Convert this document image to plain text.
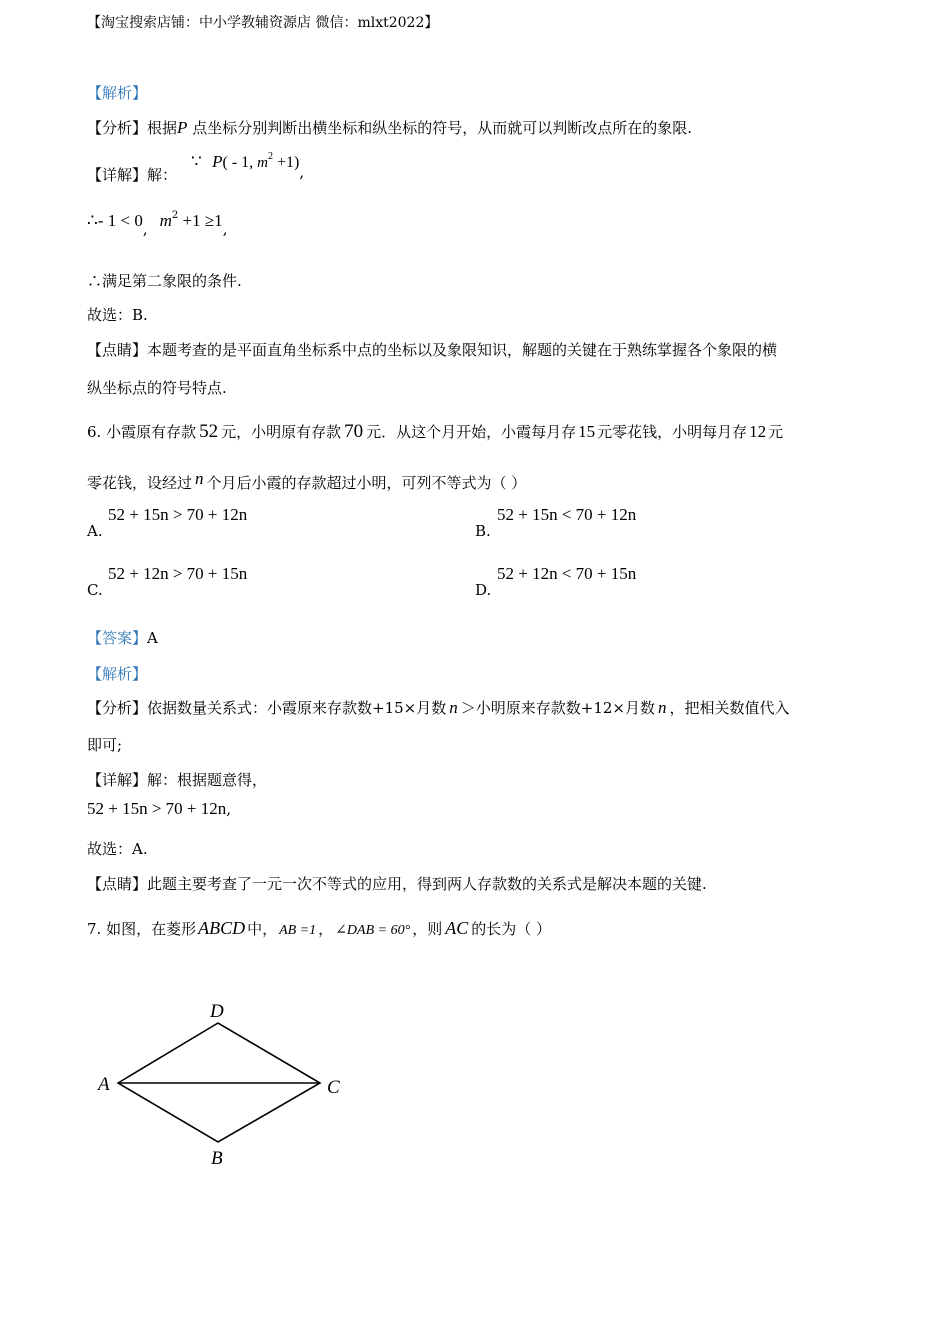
【淘宝搜索店铺：中小学教辅资源店 微信：mlxt2022】
【解析】
【分析】根据P 点坐标分别判断出横坐标和纵坐标的符号，从而就可以判断改点所在的象限.
【详解】解：∵ P( - 1, $m^2 +1$),
∴- 1 < 0, $m^2 +1 \ge 1$,
∴满足第二象限的条件.
故选：B.
【点睛】本题考查的是平面直角坐标系中点的坐标以及象限知识，解题的关键在于熟练掌握各个象限的横
纵坐标点的符号特点.
6. 小霞原有存款 52 元，小明原有存款 70 元．从这个月开始，小霞每月存 15 元零花钱，小明每月存 12 元
零花钱，设经过 n 个月后小霞的存款超过小明，可列不等式为（ ）
A.
52 + 15n > 70 + 12n
B.
52 + 15n < 70 + 12n
C.
52 + 12n > 70 + 15n
D.
52 + 12n < 70 + 15n
【答案】A
【解析】
【分析】依据数量关系式：小霞原来存款数+15×月数 n ＞小明原来存款数+12×月数 n ，把相关数值代入
即可;
【详解】解：根据题意得，
52 + 15n > 70 + 12n,
故选：A.
【点睛】此题主要考查了一元一次不等式的应用，得到两人存款数的关系式是解决本题的关键.
7. 如图，在菱形 ABCD 中， AB =1 ， ∠DAB = 60° ，则 AC 的长为（ ）
D
A	C
B
